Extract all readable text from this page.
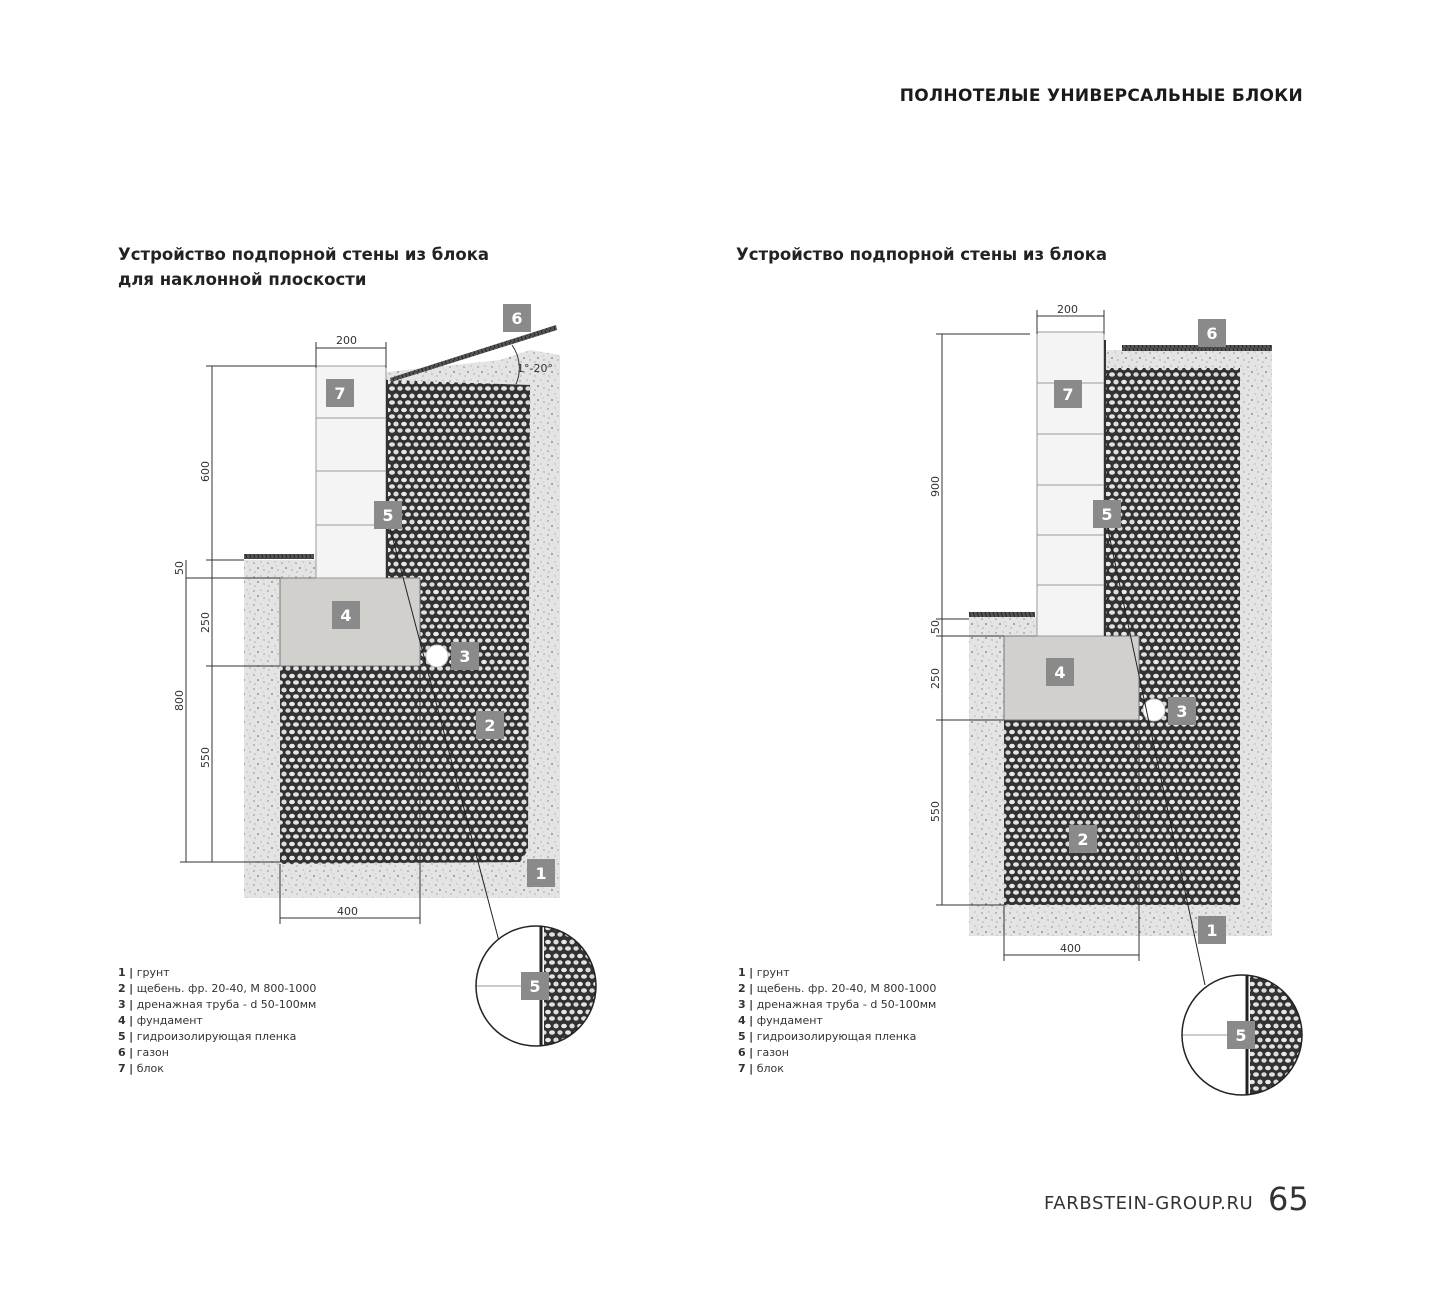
ПОЛНОТЕЛЫЕ УНИВЕРСАЛЬНЫЕ БЛОКИ
Устройство подпорной стены из блока
для наклонной плоскости
Устройство подпорной стены из блока
1°-20°
200
600
50
250
800
550
400
6
7
5
4
3
2
1
5
200
900
50
250
550
400
6
7
5
4
3
2
1
5
1 | грунт
2 | щебень. фр. 20-40, М 800-1000
3 | дренажная труба - d 50-100мм
4 | фундамент
5 | гидроизолирующая пленка
6 | газон
7 | блок
1 | грунт
2 | щебень. фр. 20-40, М 800-1000
3 | дренажная труба - d 50-100мм
4 | фундамент
5 | гидроизолирующая пленка
6 | газон
7 | блок
FARBSTEIN-GROUP.RU 65
